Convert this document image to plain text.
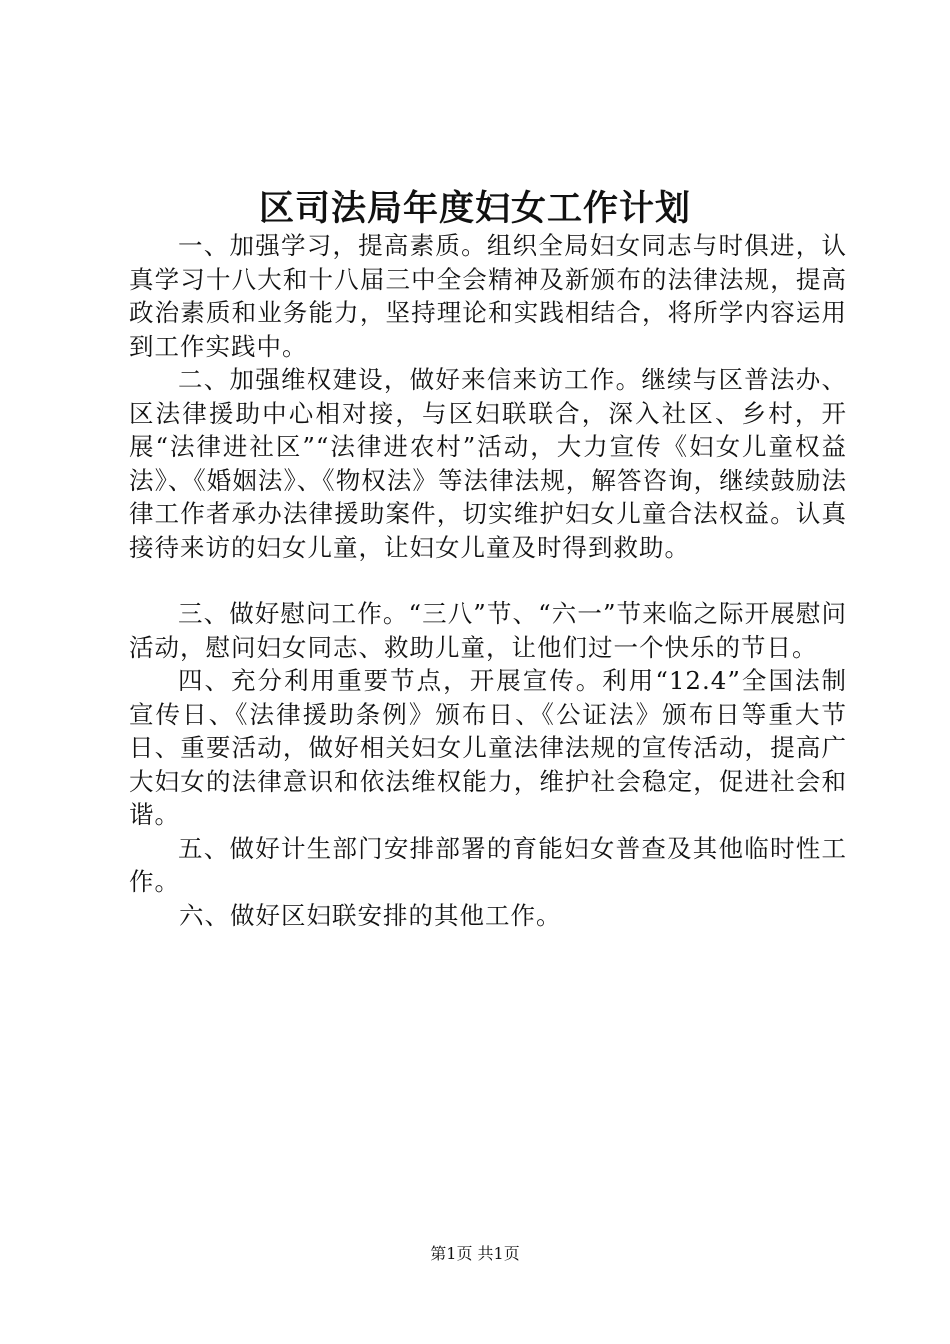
区司法局年度妇女工作计划

一、加强学习，提高素质。组织全局妇女同志与时俱进，认真学习十八大和十八届三中全会精神及新颁布的法律法规，提高政治素质和业务能力，坚持理论和实践相结合，将所学内容运用到工作实践中。

二、加强维权建设，做好来信来访工作。继续与区普法办、区法律援助中心相对接，与区妇联联合，深入社区、乡村，开展“法律进社区”“法律进农村”活动，大力宣传《妇女儿童权益法》、《婚姻法》、《物权法》等法律法规，解答咨询，继续鼓励法律工作者承办法律援助案件，切实维护妇女儿童合法权益。认真接待来访的妇女儿童，让妇女儿童及时得到救助。

三、做好慰问工作。“三八”节、“六一”节来临之际开展慰问活动，慰问妇女同志、救助儿童，让他们过一个快乐的节日。

四、充分利用重要节点，开展宣传。利用“12.4”全国法制宣传日、《法律援助条例》颁布日、《公证法》颁布日等重大节日、重要活动，做好相关妇女儿童法律法规的宣传活动，提高广大妇女的法律意识和依法维权能力，维护社会稳定，促进社会和谐。

五、做好计生部门安排部署的育能妇女普查及其他临时性工作。

六、做好区妇联安排的其他工作。

第1页 共1页
